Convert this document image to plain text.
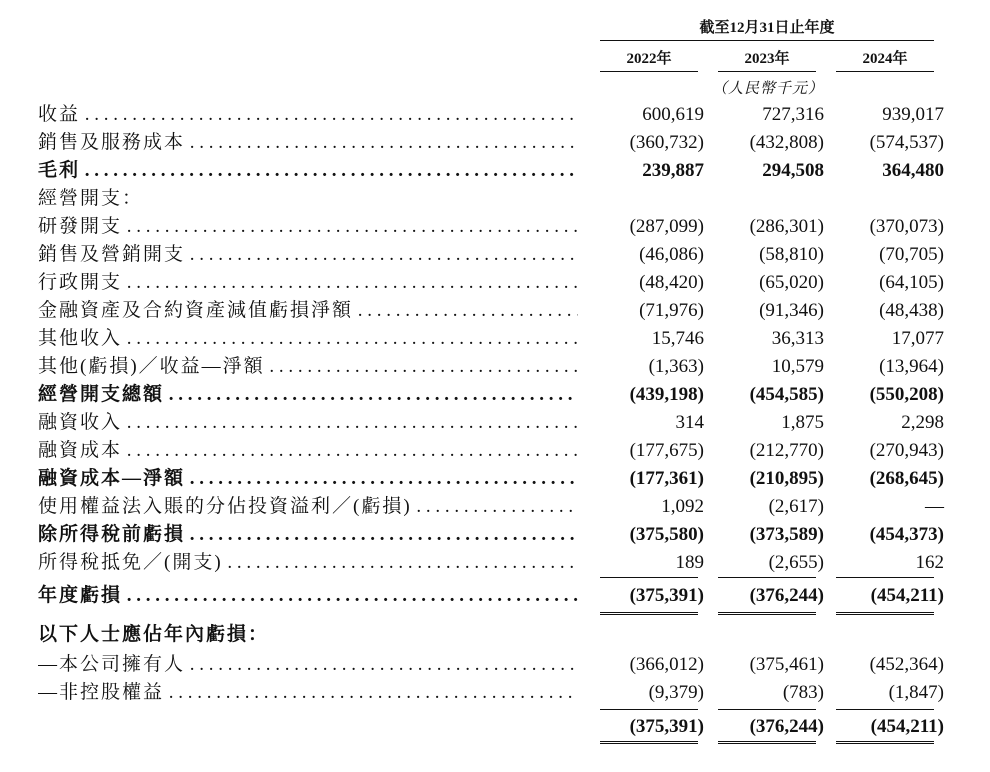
截至12月31日止年度
2022年	2023年	2024年
（人民幣千元）
收益 . . .	600,619	727,316	939,017
銷售及服務成本 . . .	(360,732)	(432,808)	(574,537)
毛利 . . .	239,887	294,508	364,480
經營開支：
研發開支 . . .	(287,099)	(286,301)	(370,073)
銷售及營銷開支 . . .	(46,086)	(58,810)	(70,705)
行政開支 . . .	(48,420)	(65,020)	(64,105)
金融資產及合約資產減值虧損淨額 . . .	(71,976)	(91,346)	(48,438)
其他收入 . . .	15,746	36,313	17,077
其他(虧損)／收益—淨額 . . .	(1,363)	10,579	(13,964)
經營開支總額 . . .	(439,198)	(454,585)	(550,208)
融資收入 . . .	314	1,875	2,298
融資成本 . . .	(177,675)	(212,770)	(270,943)
融資成本—淨額 . . .	(177,361)	(210,895)	(268,645)
使用權益法入賬的分佔投資溢利／(虧損) . . .	1,092	(2,617)	—
除所得稅前虧損 . . .	(375,580)	(373,589)	(454,373)
所得稅抵免／(開支) . . .	189	(2,655)	162
年度虧損 . . .	(375,391)	(376,244)	(454,211)
以下人士應佔年內虧損：
—本公司擁有人 . . .	(366,012)	(375,461)	(452,364)
—非控股權益 . . .	(9,379)	(783)	(1,847)
(375,391)	(376,244)	(454,211)
